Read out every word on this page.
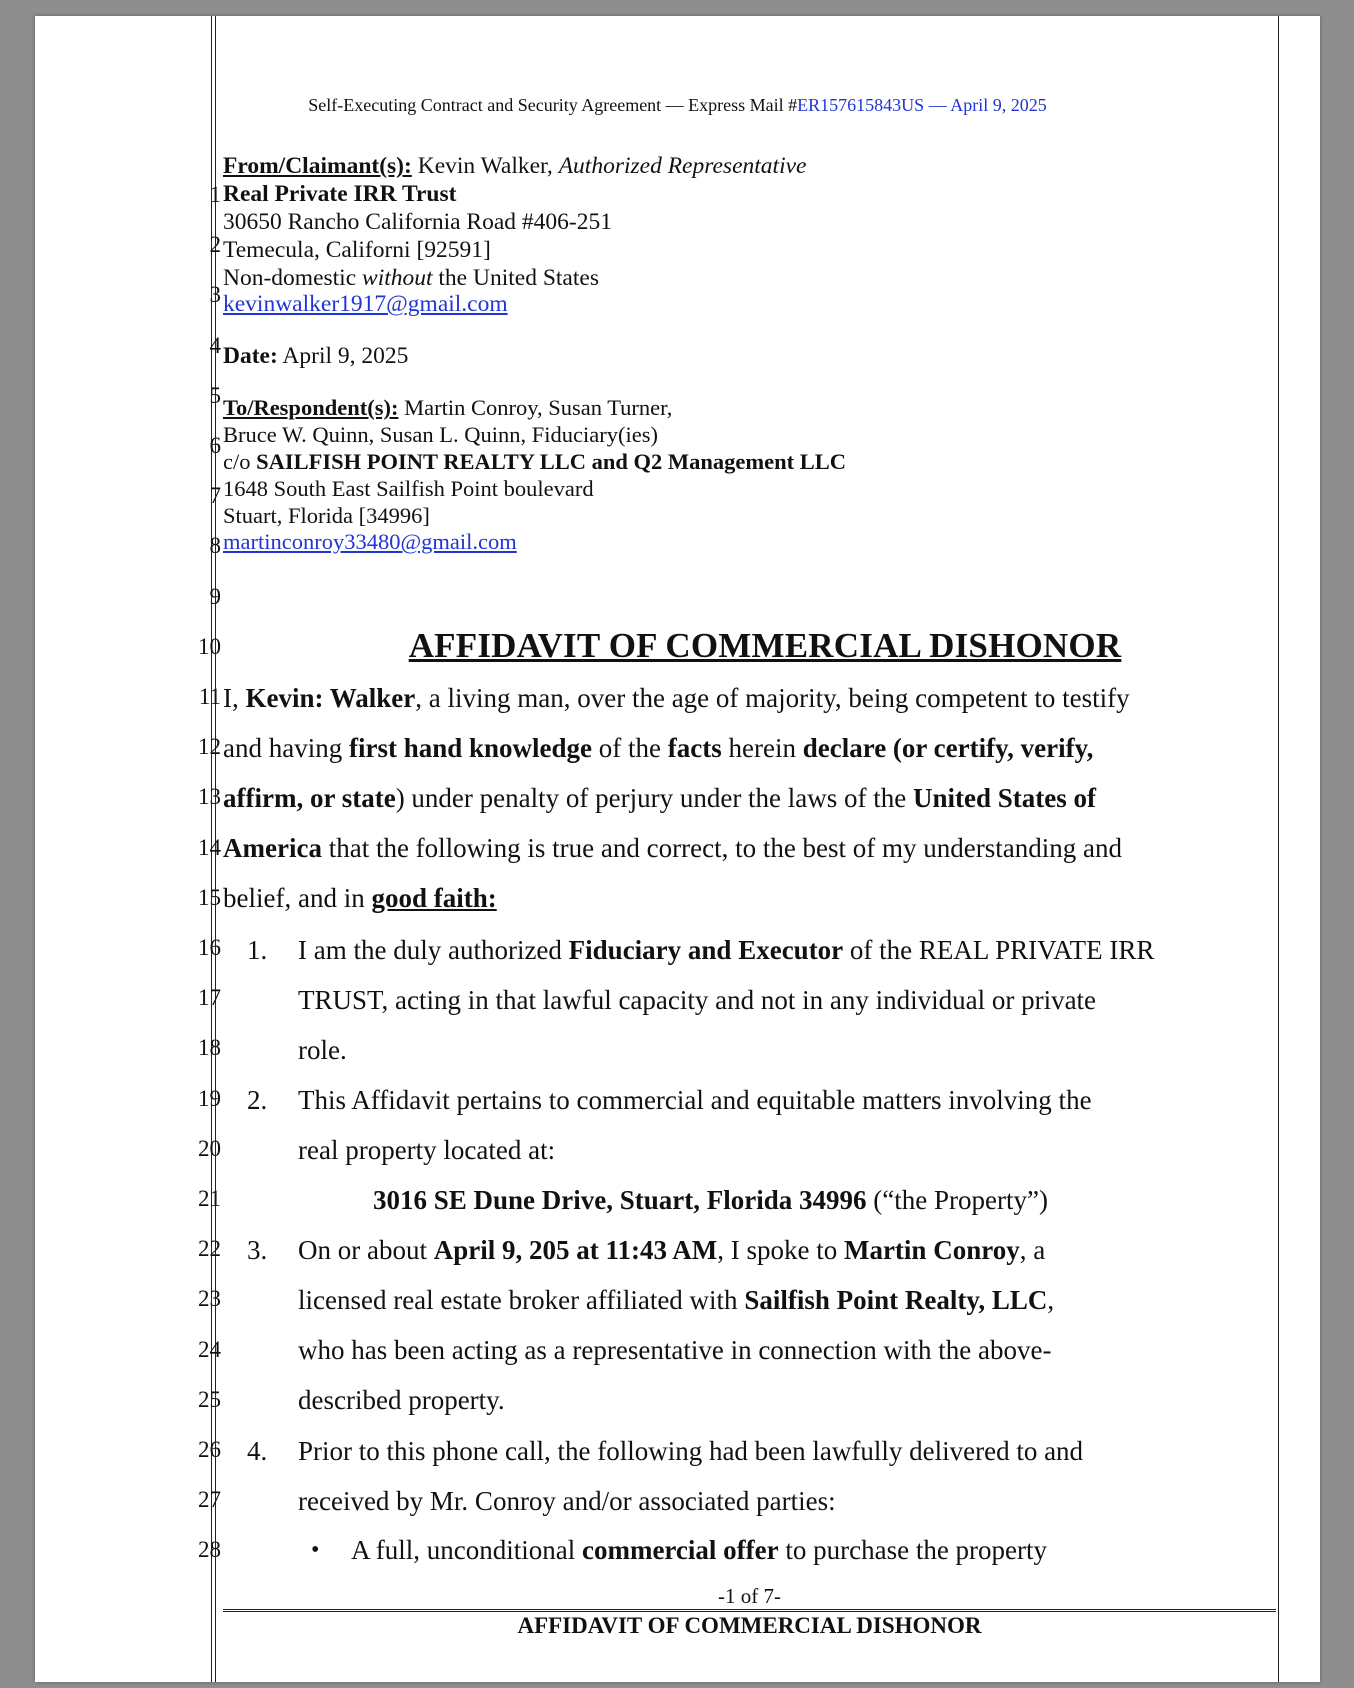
Self-Executing Contract and Security Agreement — Express Mail #ER157615843US — April 9, 2025
1
2
3
4
5
6
7
8
9
10
11
12
13
14
15
16
17
18
19
20
21
22
23
24
25
26
27
28
From/Claimant(s): Kevin Walker, Authorized Representative
Real Private IRR Trust
30650 Rancho California Road #406-251
Temecula, Californi [92591]
Non-domestic without the United States
kevinwalker1917@gmail.com
Date: April 9, 2025
To/Respondent(s): Martin Conroy, Susan Turner,
Bruce W. Quinn, Susan L. Quinn, Fiduciary(ies)
c/o SAILFISH POINT REALTY LLC and Q2 Management LLC
1648 South East Sailfish Point boulevard
Stuart, Florida [34996]
martinconroy33480@gmail.com
AFFIDAVIT OF COMMERCIAL DISHONOR
I, Kevin: Walker, a living man, over the age of majority, being competent to testify
and having first hand knowledge of the facts herein declare (or certify, verify,
affirm, or state) under penalty of perjury under the laws of the United States of
America that the following is true and correct, to the best of my understanding and
belief, and in good faith:
1. I am the duly authorized Fiduciary and Executor of the REAL PRIVATE IRR
TRUST, acting in that lawful capacity and not in any individual or private
role.
2. This Affidavit pertains to commercial and equitable matters involving the
real property located at:
3016 SE Dune Drive, Stuart, Florida 34996 (“the Property”)
3. On or about April 9, 205 at 11:43 AM, I spoke to Martin Conroy, a
licensed real estate broker affiliated with Sailfish Point Realty, LLC,
who has been acting as a representative in connection with the above-
described property.
4. Prior to this phone call, the following had been lawfully delivered to and
received by Mr. Conroy and/or associated parties:
• A full, unconditional commercial offer to purchase the property
-1 of 7-
AFFIDAVIT OF COMMERCIAL DISHONOR
